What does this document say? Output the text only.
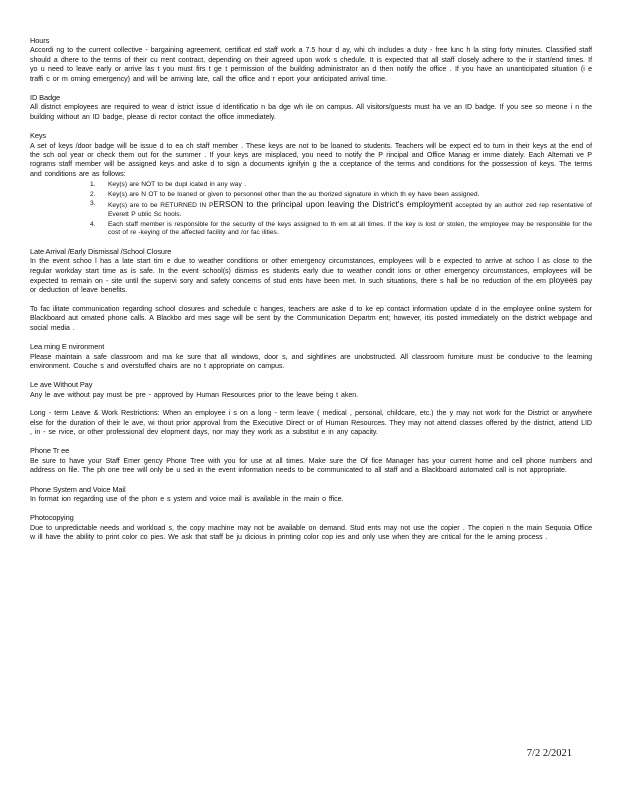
Hours

Accordi ng to the current collective - bargaining agreement, certificat ed staff work a 7.5 hour d ay, whi ch includes a duty - free lunc h la sting forty minutes. Classified staff should a dhere to the terms of their cu rrent contract, depending on their agreed upon work s chedule. It is expected that all staff closely adhere to the ir start/end times. If yo u need to leave early or arrive las t you must firs t ge t permission of the building administrator an d then notify the office . If you have an unanticipated situation (i e traffi c or m orning emergency) and will be arriving late, call the office and r eport your anticipated arrival time.

ID Badge

All district employees are required to wear d istrict issue d identificatio n ba dge wh ile on campus. All visitors/guests must ha ve an ID badge. If you see so meone i n the building without an ID badge, please di rector contact the office immediately.

Keys

A set of keys /door badge will be issue d to ea ch staff member . These keys are not to be loaned to students. Teachers will be expect ed to turn in their keys at the end of the sch ool year or check them out for the summer . If your keys are misplaced, you need to notify the P rincipal and Office Manag er imme diately. Each Alternati ve P rograms staff member will be assigned keys and aske d to sign a documents ignifyin g the a cceptance of the terms and conditions for the possession of keys. The terms and conditions are as follows:

1. Key(s) are NOT to be dupl icated in any way .
2. Key(s) are N OT to be loaned or given to personnel other than the au thorized signature in which th ey have been assigned.
3. Key(s) are to be RETURNED IN PERSON to the principal upon leaving the District's employment accepted by an author zed rep resentative of Everett P ublic Sc hools.
4. Each staff member is responsible for the security of the keys assigned to th em at all times. If the key is lost or stolen, the employee may be responsible for the cost of re -keying of the affected facility and /or fac ilities.
Late Arrival /Early Dismissal /School Closure

In the event schoo l has a late start tim e due to weather conditions or other emergency circumstances, employees will b e expected to arrive at schoo l as close to the regular workday start time as is safe. In the event school(s) dismiss es students early due to weather condit ions or other emergency circumstances, employees will be expected to remain on - site until the supervi sory and safety concerns of stud ents have been met. In such situations, there s hall be no reduction of the em ployees pay or deduction of leave benefits.

To fac ilitate communication regarding school closures and schedule c hanges, teachers are aske d to ke ep contact information update d in the employee online system for Blackboard aut omated phone calls. A Blackbo ard mes sage will be sent by the Communication Departm ent; however, itis posted immediately on the district webpage and social media .

Lea rning E nvironment

Please maintain a safe classroom and ma ke sure that all windows, door s, and sightlines are unobstructed. All classroom furniture must be conducive to the learning environment. Couche s and overstuffed chairs are no t appropriate on campus.

Le ave Without Pay

Any le ave without pay must be pre - approved by Human Resources prior to the leave being t aken.

Long - term Leave & Work Restrictions: When an employee i s on a long - term leave ( medical , personal, childcare, etc.) the y may not work for the District or anywhere else for the duration of their le ave, wi thout prior approval from the Executive Direct or of Human Resources. They may not attend classes offered by the district, attend LID , in - se rvice, or other professional dev elopment days, nor may they work as a substitut e in any capacity.

Phone Tr ee

Be sure to have your Staff Emer gency Phone Tree with you for use at all times. Make sure the Of fice Manager has your current home and cell phone numbers and address on file. The ph one tree will only be u sed in the event information needs to be communicated to all staff and a Blackboard automated call is not appropriate.

Phone System and Voice Mail

In format ion regarding use of the phon e s ystem and voice mail is available in the main o ffice.

Photocopying

Due to unpredictable needs and workload s, the copy machine may not be available on demand. Stud ents may not use the copier . The copieri n the main Sequoia Office w ill have the ability to print color co pies. We ask that staff be ju dicious in printing color cop ies and only use when they are critical for the le arning process .

7/2 2/2021
